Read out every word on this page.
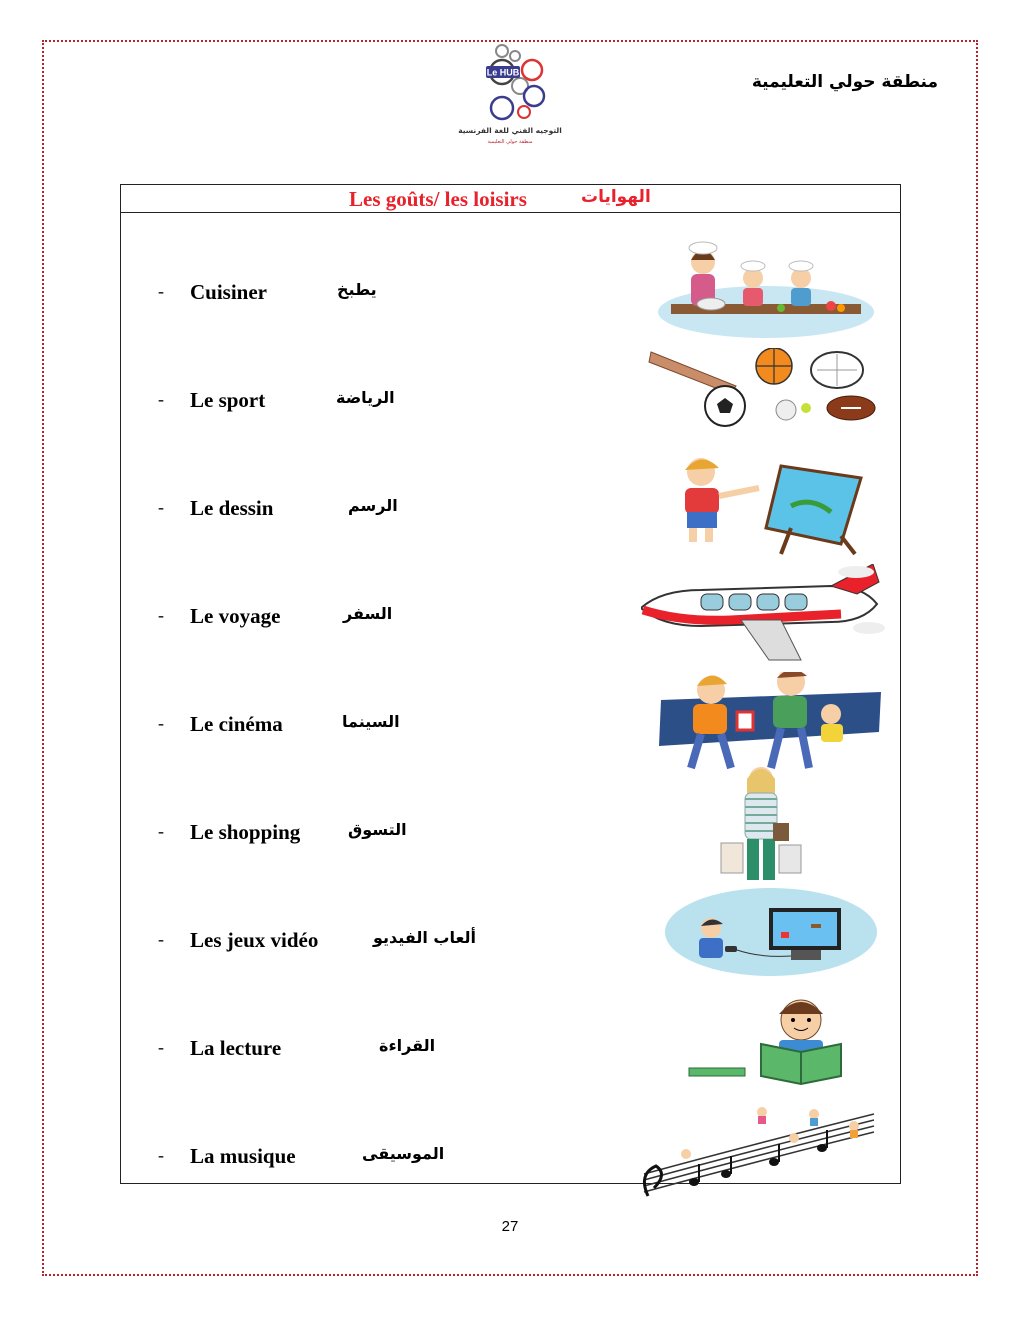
Le HUB
التوجيه الفني للغة الفرنسية
منطقة حولي التعليمية
منطقة حولي التعليمية
Les goûts/ les loisirs	الهوايات
- Cuisiner	يطبخ
- Le sport	الرياضة
- Le dessin	الرسم
- Le voyage	السفر
- Le cinéma	السينما
- Le shopping	التسوق
- Les jeux vidéo	ألعاب الفيديو
- La lecture	القراءة
- La musique	الموسيقى
27
